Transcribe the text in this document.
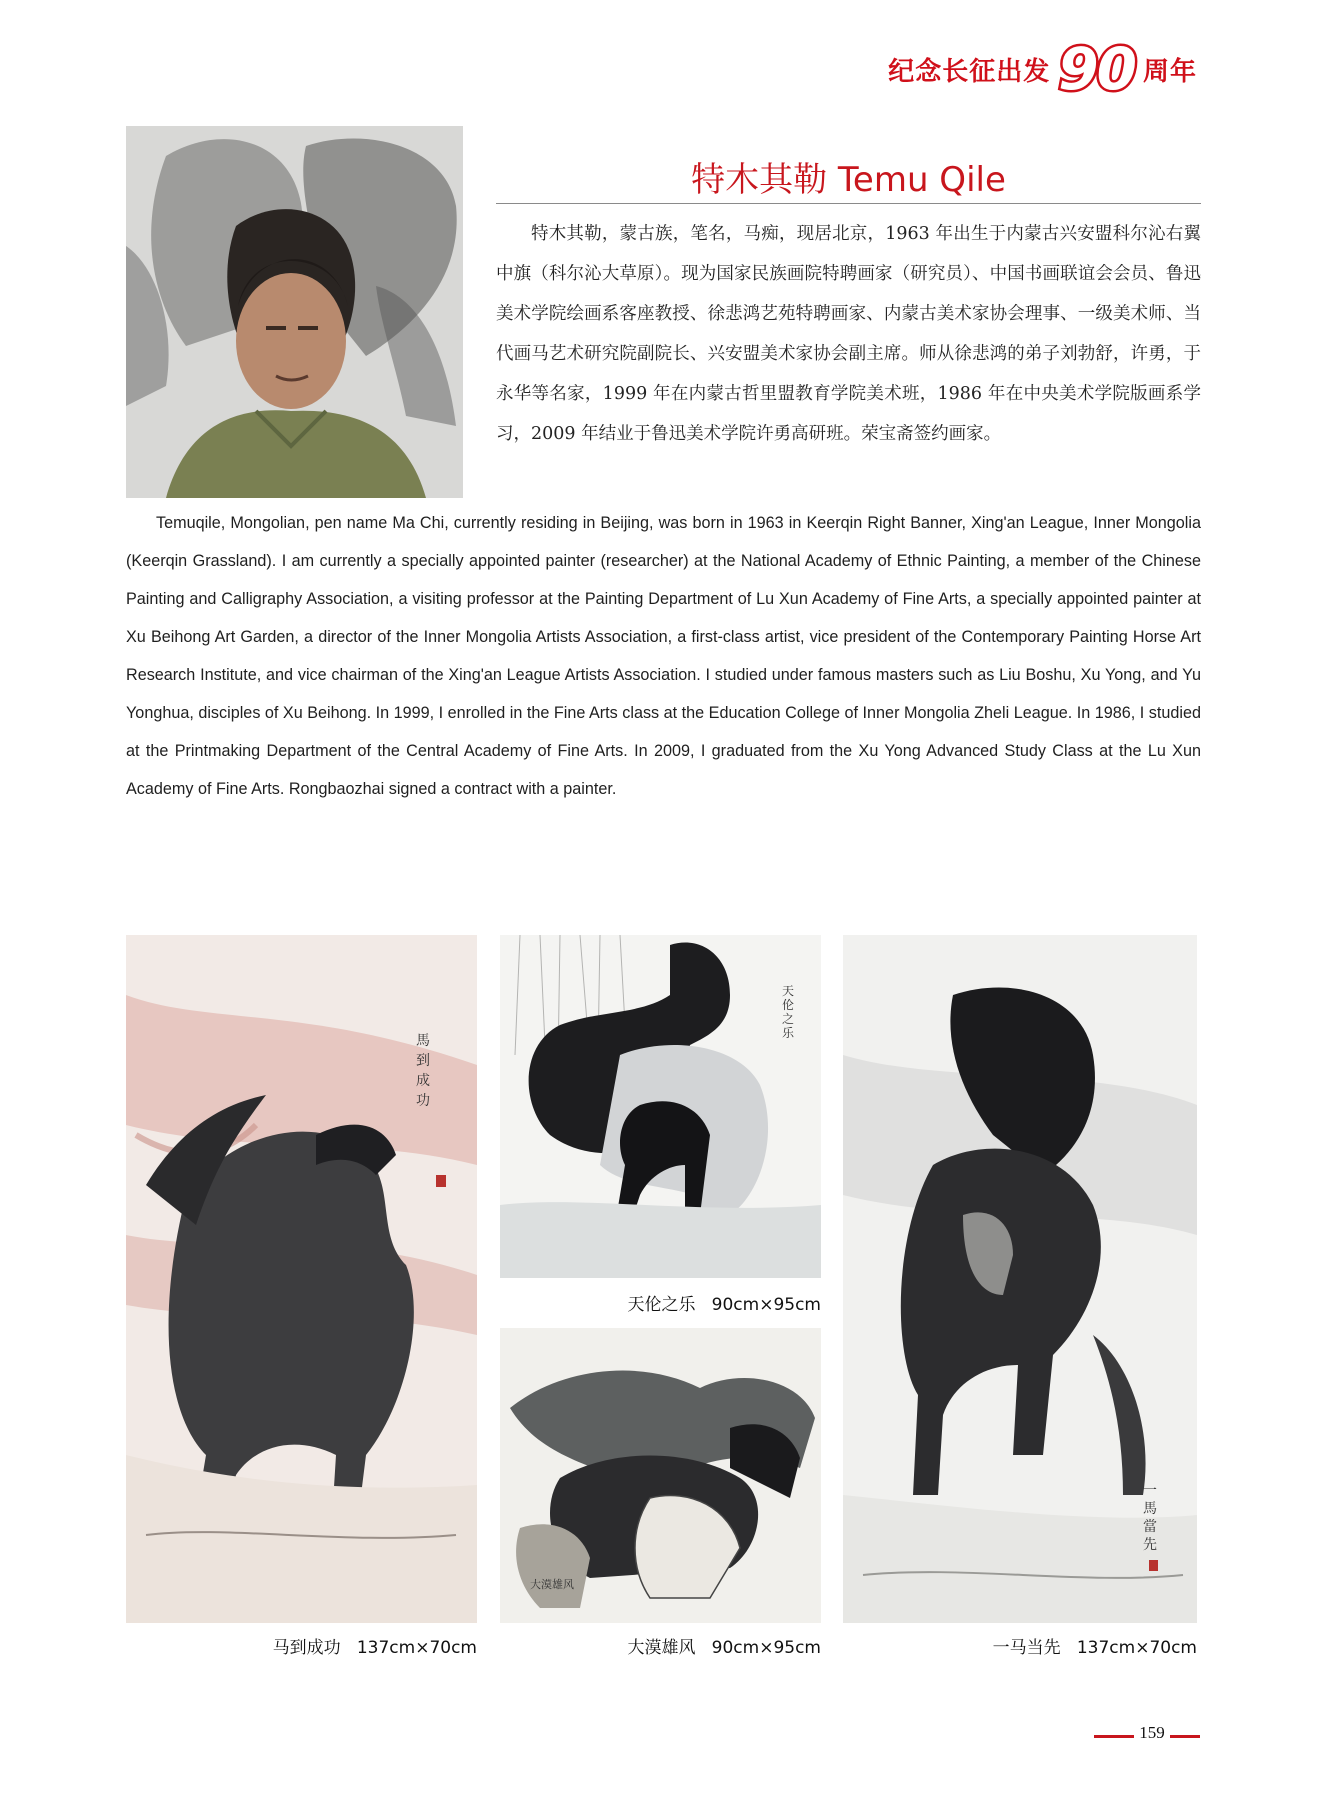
纪念长征出发 90 周年
特木其勒 Temu Qile
特木其勒，蒙古族，笔名，马痴，现居北京，1963 年出生于内蒙古兴安盟科尔沁右翼中旗（科尔沁大草原）。现为国家民族画院特聘画家（研究员）、中国书画联谊会会员、鲁迅美术学院绘画系客座教授、徐悲鸿艺苑特聘画家、内蒙古美术家协会理事、一级美术师、当代画马艺术研究院副院长、兴安盟美术家协会副主席。师从徐悲鸿的弟子刘勃舒，许勇，于永华等名家，1999 年在内蒙古哲里盟教育学院美术班，1986 年在中央美术学院版画系学习，2009 年结业于鲁迅美术学院许勇高研班。荣宝斋签约画家。
Temuqile, Mongolian, pen name Ma Chi, currently residing in Beijing, was born in 1963 in Keerqin Right Banner, Xing'an League, Inner Mongolia (Keerqin Grassland). I am currently a specially appointed painter (researcher) at the National Academy of Ethnic Painting, a member of the Chinese Painting and Calligraphy Association, a visiting professor at the Painting Department of Lu Xun Academy of Fine Arts, a specially appointed painter at Xu Beihong Art Garden, a director of the Inner Mongolia Artists Association, a first-class artist, vice president of the Contemporary Painting Horse Art Research Institute, and vice chairman of the Xing'an League Artists Association. I studied under famous masters such as Liu Boshu, Xu Yong, and Yu Yonghua, disciples of Xu Beihong. In 1999, I enrolled in the Fine Arts class at the Education College of Inner Mongolia Zheli League. In 1986, I studied at the Printmaking Department of the Central Academy of Fine Arts. In 2009, I graduated from the Xu Yong Advanced Study Class at the Lu Xun Academy of Fine Arts. Rongbaozhai signed a contract with a painter.
馬
到
成
功
马到成功 137cm×70cm
天
伦
之
乐
天伦之乐 90cm×95cm
大漠雄风
大漠雄风 90cm×95cm
一
馬
當
先
一马当先 137cm×70cm
159
